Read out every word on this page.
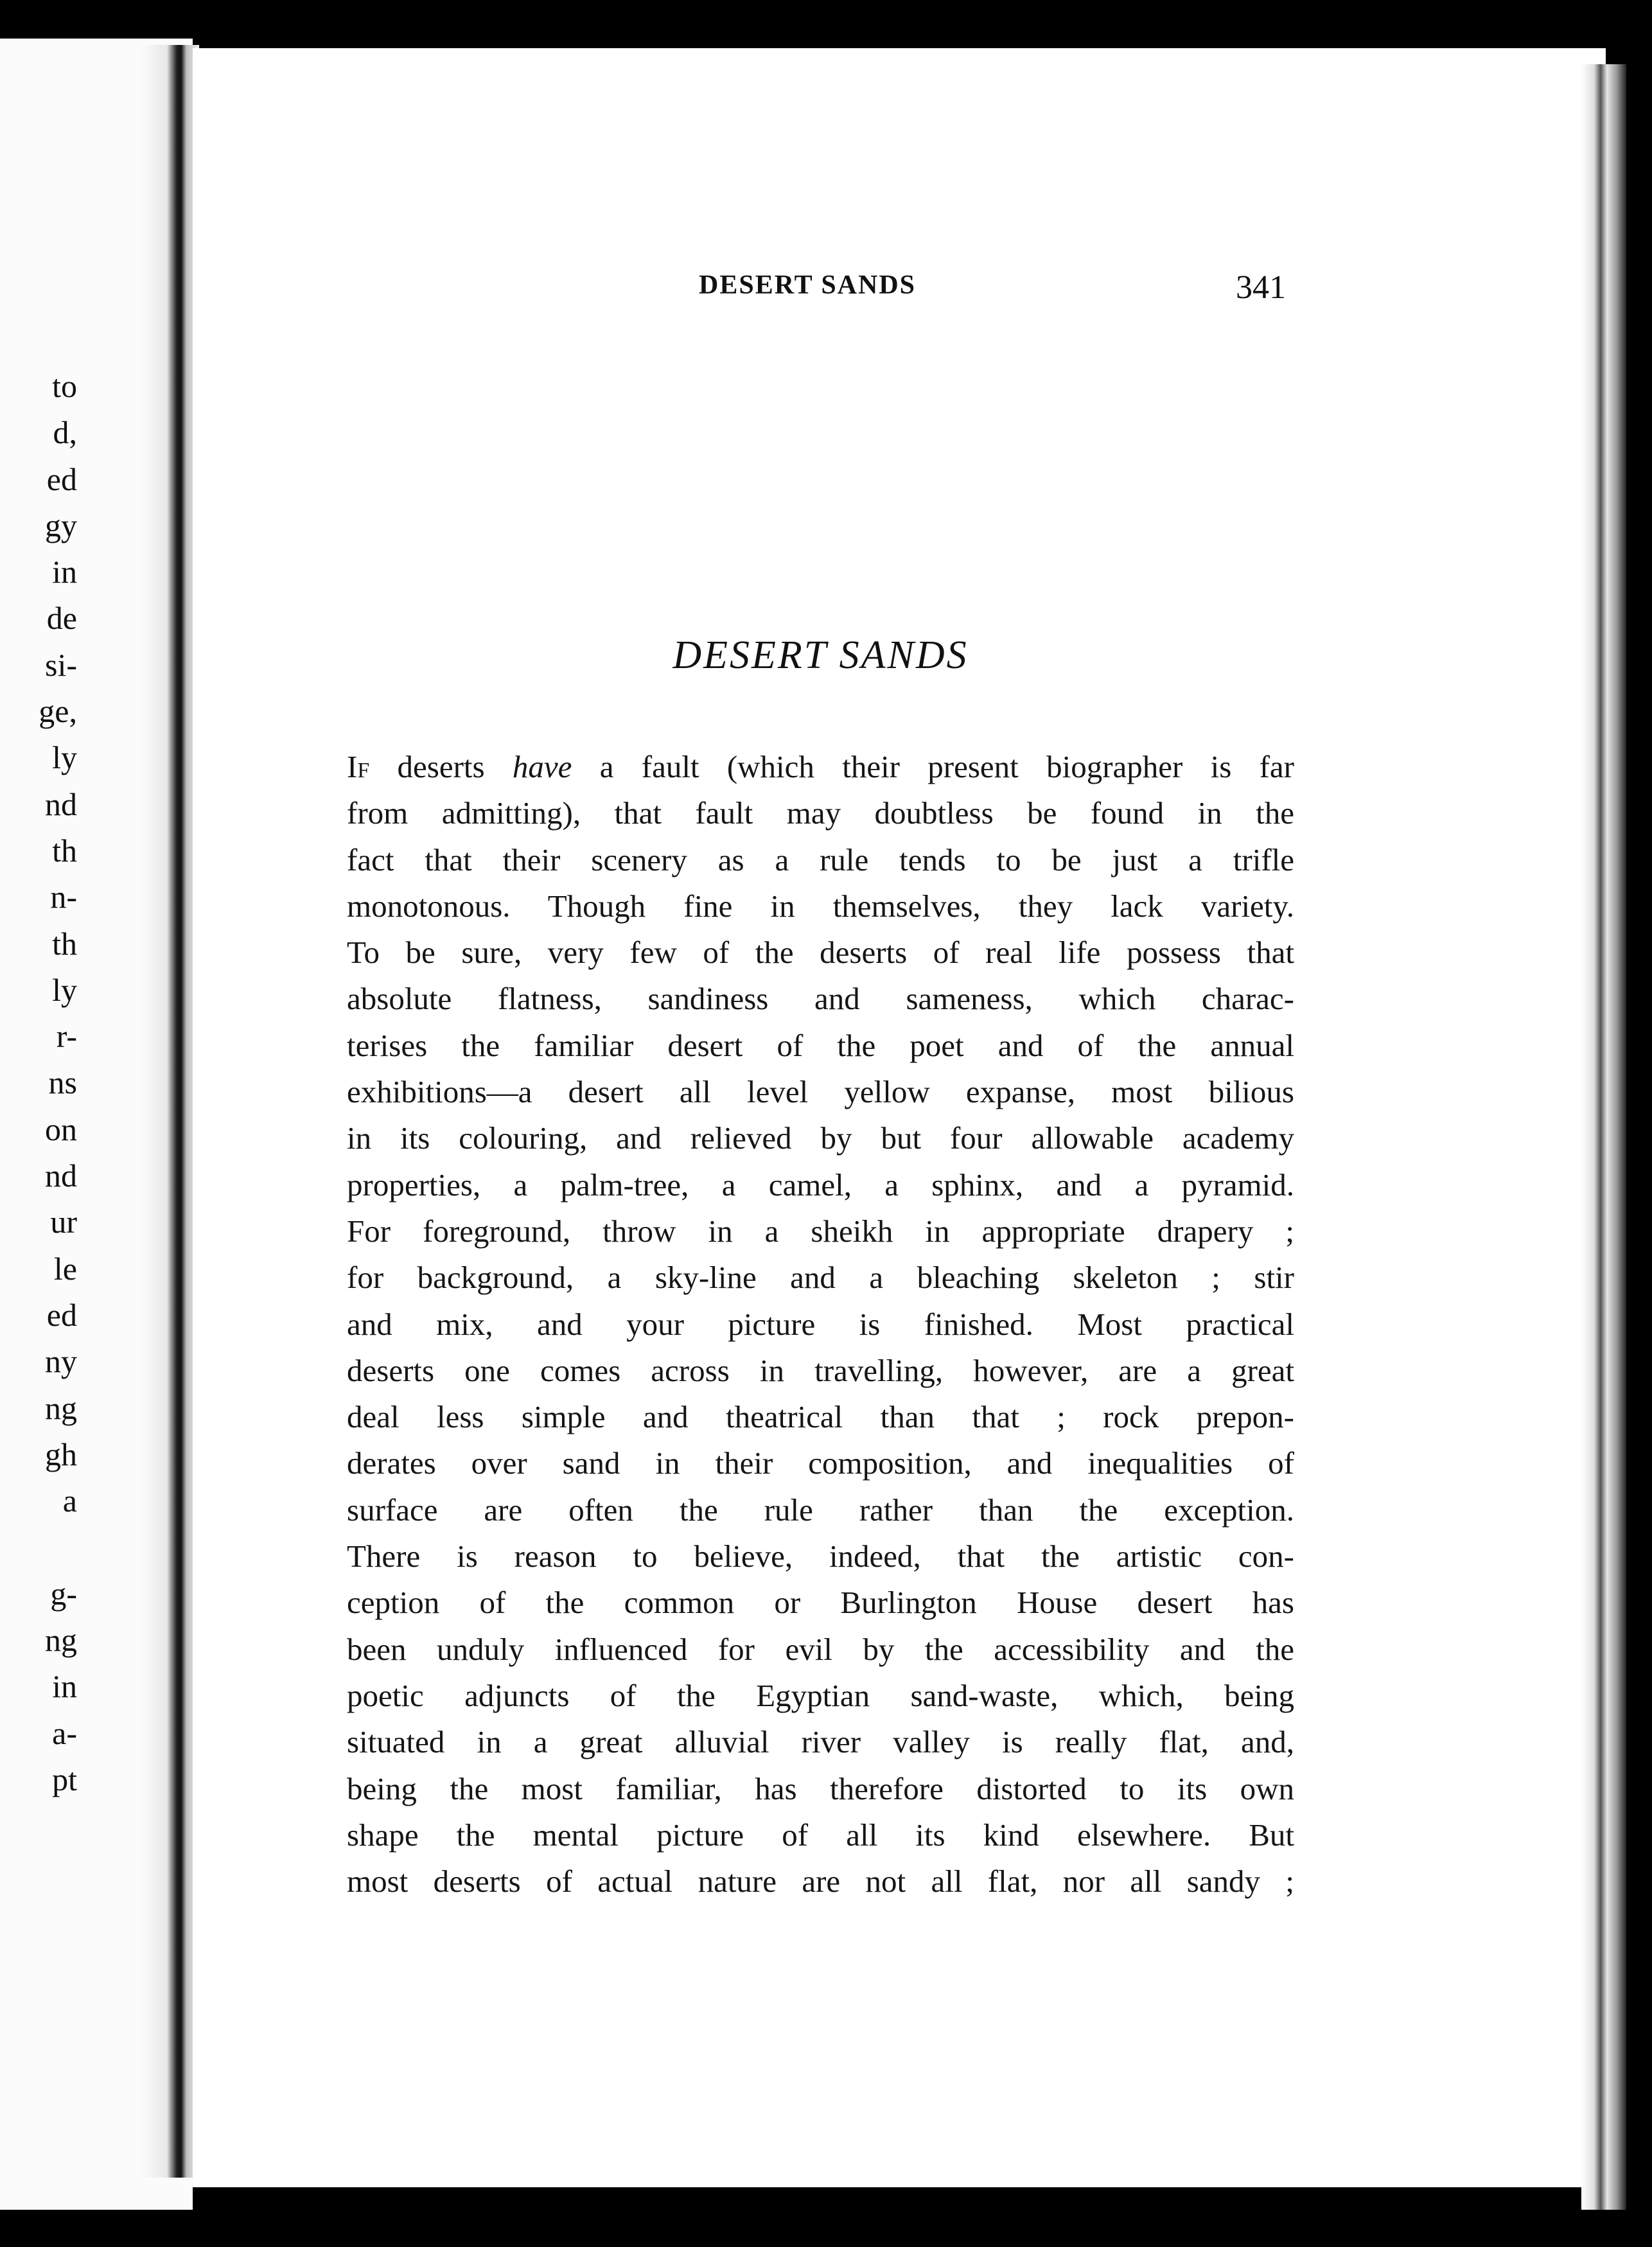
to
d,
ed
gy
in
de
si-
ge,
ly
nd
th
n-
th
ly
r-
ns
on
nd
ur
le
ed
ny
ng
gh
a
g-
ng
in
a-
pt
DESERT SANDS	341
DESERT SANDS
If deserts have a fault (which their present biographer is far
from admitting), that fault may doubtless be found in the
fact that their scenery as a rule tends to be just a trifle
monotonous. Though fine in themselves, they lack variety.
To be sure, very few of the deserts of real life possess that
absolute flatness, sandiness and sameness, which charac-
terises the familiar desert of the poet and of the annual
exhibitions—a desert all level yellow expanse, most bilious
in its colouring, and relieved by but four allowable academy
properties, a palm-tree, a camel, a sphinx, and a pyramid.
For foreground, throw in a sheikh in appropriate drapery ;
for background, a sky-line and a bleaching skeleton ; stir
and mix, and your picture is finished. Most practical
deserts one comes across in travelling, however, are a great
deal less simple and theatrical than that ; rock prepon-
derates over sand in their composition, and inequalities of
surface are often the rule rather than the exception.
There is reason to believe, indeed, that the artistic con-
ception of the common or Burlington House desert has
been unduly influenced for evil by the accessibility and the
poetic adjuncts of the Egyptian sand-waste, which, being
situated in a great alluvial river valley is really flat, and,
being the most familiar, has therefore distorted to its own
shape the mental picture of all its kind elsewhere. But
most deserts of actual nature are not all flat, nor all sandy ;
